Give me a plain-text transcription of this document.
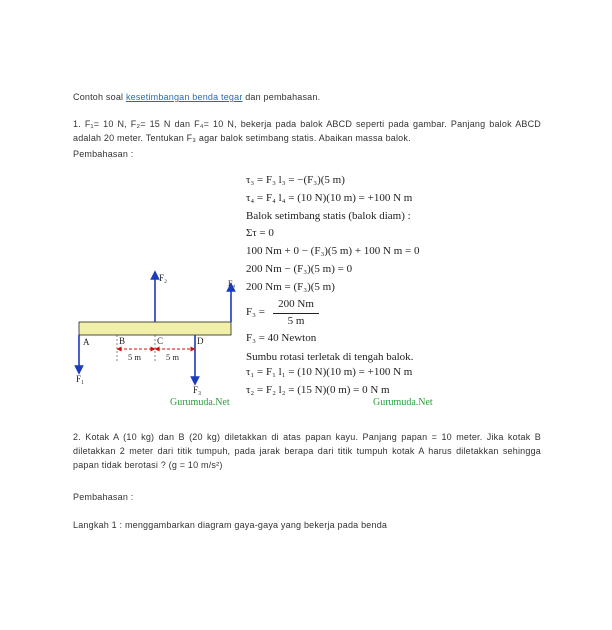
Contoh soal kesetimbangan benda tegar dan pembahasan.
1. F₁= 10 N, F₂= 15 N dan F₄= 10 N, bekerja pada balok ABCD seperti pada gambar. Panjang balok ABCD adalah 20 meter. Tentukan F₃ agar balok setimbang statis. Abaikan massa balok.
Pembahasan :
A	B	C	D
F₁
F₂
F₃
F₄
5 m	5 m
Gurumuda.Net	Gurumuda.Net
τ₃ = F₃ l₃ = −(F₃)(5 m)
τ₄ = F₄ l₄ = (10 N)(10 m) = +100 N m
Balok setimbang statis (balok diam) :
Στ = 0
100 Nm + 0 − (F₃)(5 m) + 100 N m = 0
200 Nm − (F₃)(5 m) = 0
200 Nm = (F₃)(5 m)
F₃ =
200 Nm
5 m
F₃ = 40 Newton
Sumbu rotasi terletak di tengah balok.
τ₁ = F₁ l₁ = (10 N)(10 m) = +100 N m
τ₂ = F₂ l₂ = (15 N)(0 m) = 0 N m
2. Kotak A (10 kg) dan B (20 kg) diletakkan di atas papan kayu. Panjang papan = 10 meter. Jika kotak B diletakkan 2 meter dari titik tumpuh, pada jarak berapa dari titik tumpuh kotak A harus diletakkan sehingga papan tidak berotasi ? (g = 10 m/s²)
Pembahasan :
Langkah 1 : menggambarkan diagram gaya-gaya yang bekerja pada benda
